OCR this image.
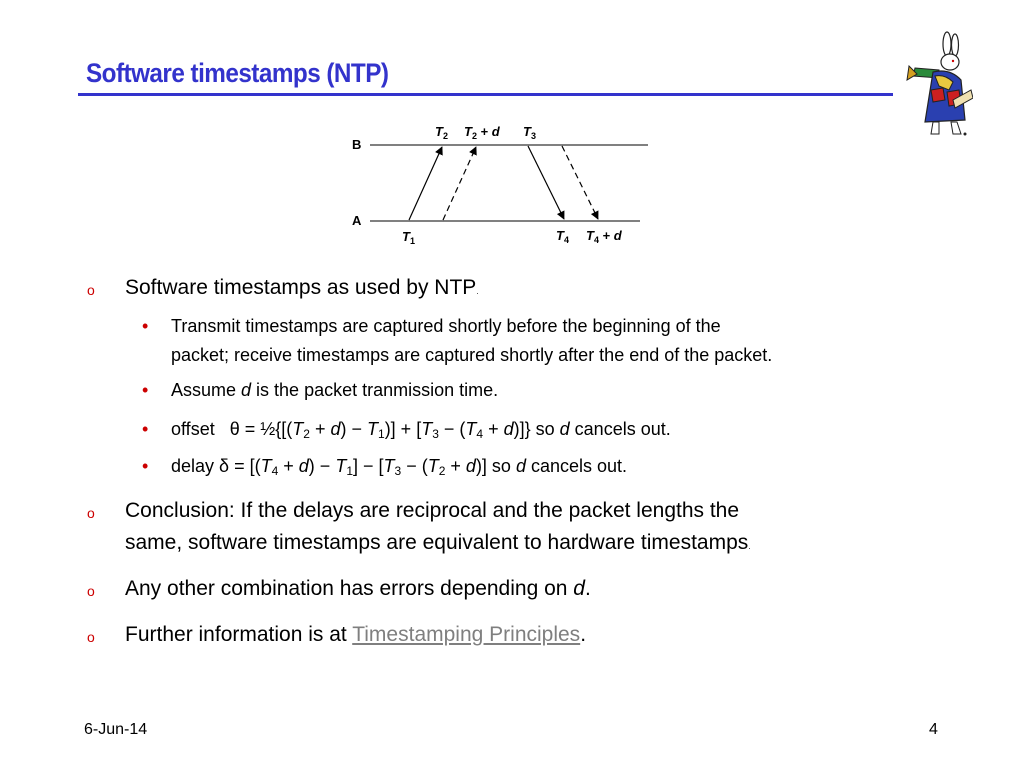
Software timestamps (NTP)
B
A
$T_2$ $T_2 + d$ $T_3$
$T_1$	$T_4$ $T_4 + d$
o Software timestamps as used by NTP.
• Transmit timestamps are captured shortly before the beginning of the
packet; receive timestamps are captured shortly after the end of the packet.
• Assume d is the packet tranmission time.
• offset   $\theta = \frac{1}{2}\{[(T_2 + d) - T_1)] + [T_3 - (T_4 + d)]$} so d cancels out.
• delay $\delta = [(T_4 + d) - T_1] - [T_3 - (T_2 + d)]$ so d cancels out.
o Conclusion: If the delays are reciprocal and the packet lengths the
same, software timestamps are equivalent to hardware timestamps.
o Any other combination has errors depending on d.
o Further information is at Timestamping Principles.
6-Jun-14	4
